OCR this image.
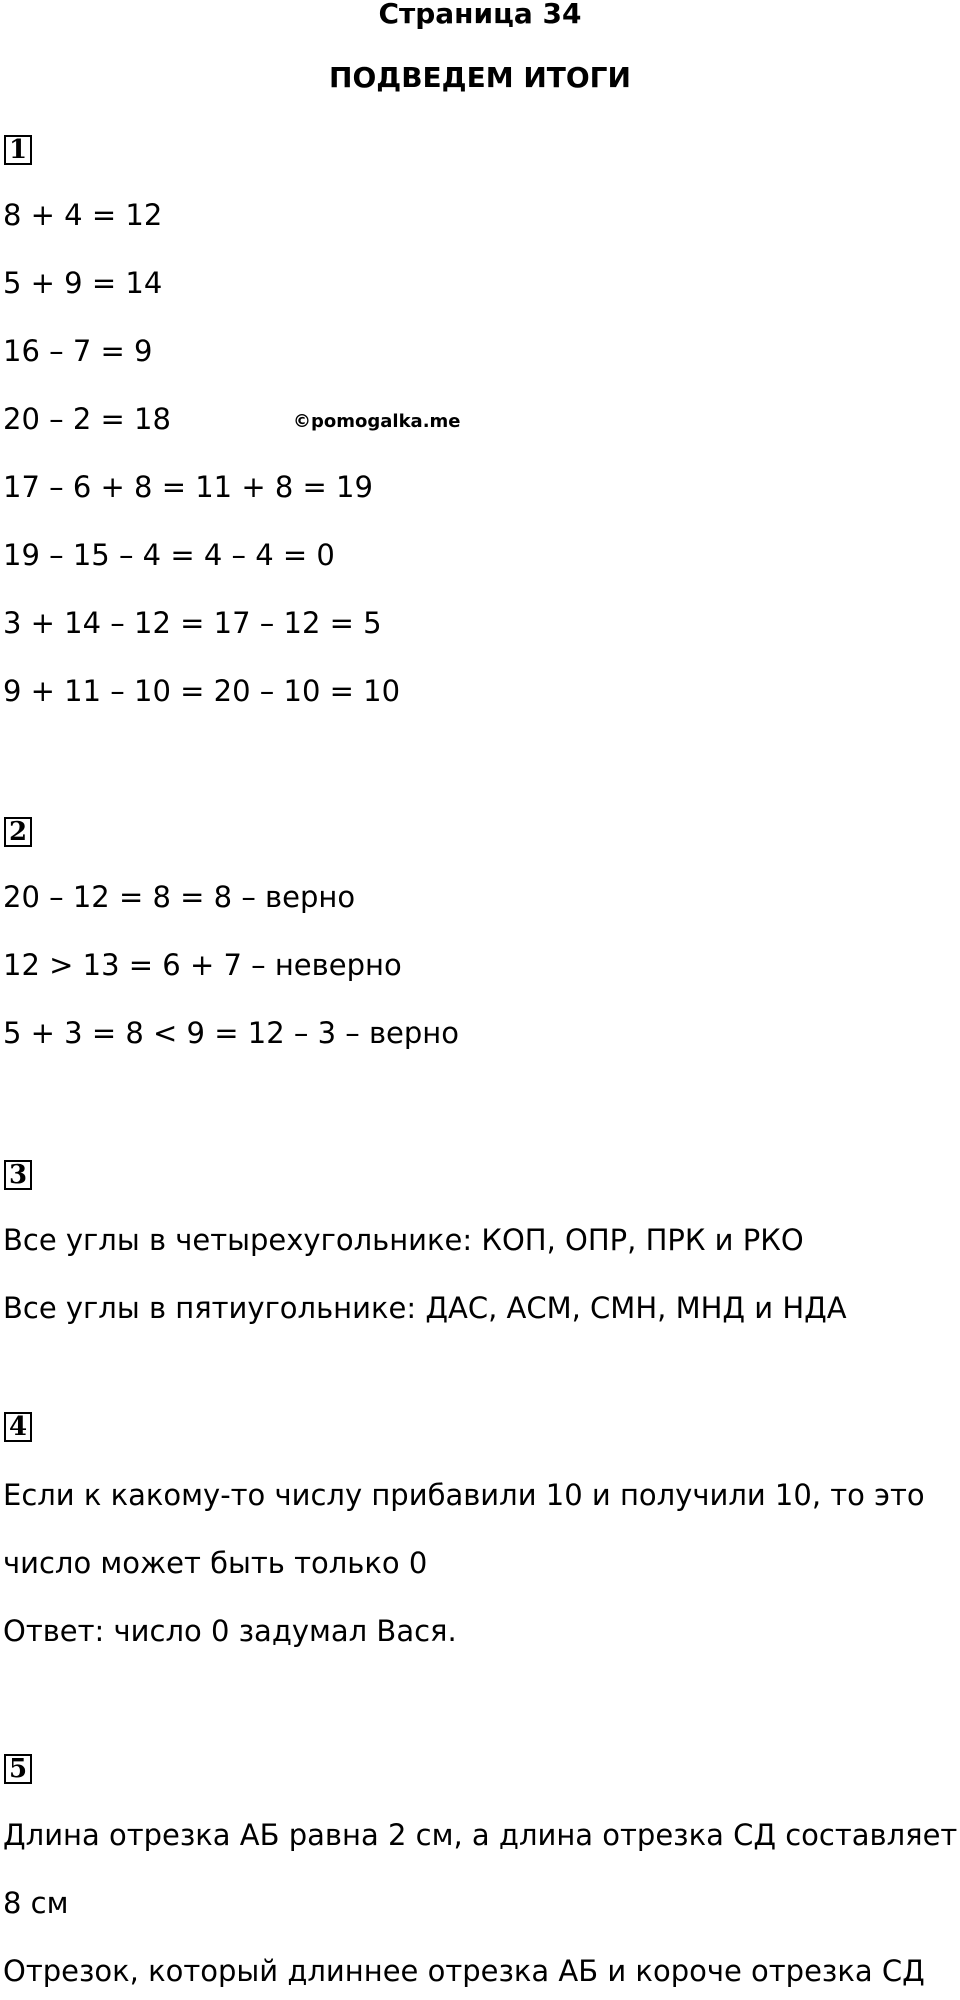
Страница 34
ПОДВЕДЕМ ИТОГИ
1
8 + 4 = 12
5 + 9 = 14
16 – 7 = 9
20 – 2 = 18	©pomogalka.me
17 – 6 + 8 = 11 + 8 = 19
19 – 15 – 4 = 4 – 4 = 0
3 + 14 – 12 = 17 – 12 = 5
9 + 11 – 10 = 20 – 10 = 10
2
20 – 12 = 8 = 8 – верно
12 > 13 = 6 + 7 – неверно
5 + 3 = 8 < 9 = 12 – 3 – верно
3
Все углы в четырехугольнике: КОП, ОПР, ПРК и РКО
Все углы в пятиугольнике: ДАС, АСМ, СМН, МНД и НДА
4
Если к какому-то числу прибавили 10 и получили 10, то это
число может быть только 0
Ответ: число 0 задумал Вася.
5
Длина отрезка АБ равна 2 см, а длина отрезка СД составляет
8 см
Отрезок, который длиннее отрезка АБ и короче отрезка СД
